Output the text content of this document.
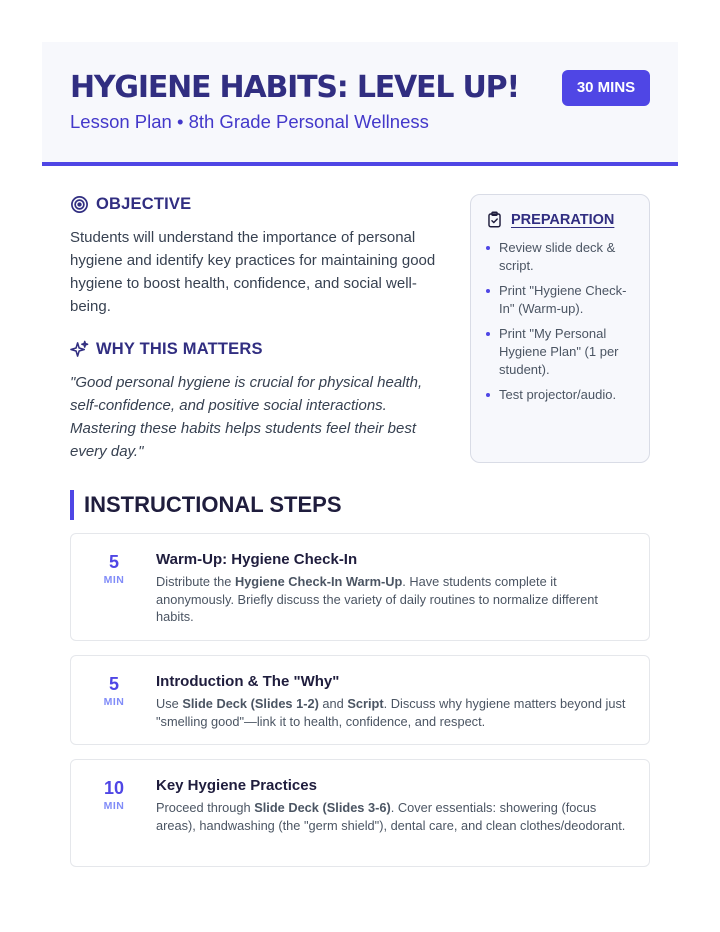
HYGIENE HABITS: LEVEL UP!
Lesson Plan • 8th Grade Personal Wellness
30 MINS
OBJECTIVE
Students will understand the importance of personal hygiene and identify key practices for maintaining good hygiene to boost health, confidence, and social well-being.
WHY THIS MATTERS
"Good personal hygiene is crucial for physical health, self-confidence, and positive social interactions. Mastering these habits helps students feel their best every day."
PREPARATION
Review slide deck & script.
Print "Hygiene Check-In" (Warm-up).
Print "My Personal Hygiene Plan" (1 per student).
Test projector/audio.
INSTRUCTIONAL STEPS
5
MIN
Warm-Up: Hygiene Check-In
Distribute the Hygiene Check-In Warm-Up. Have students complete it anonymously. Briefly discuss the variety of daily routines to normalize different habits.
5
MIN
Introduction & The "Why"
Use Slide Deck (Slides 1-2) and Script. Discuss why hygiene matters beyond just "smelling good"—link it to health, confidence, and respect.
10
MIN
Key Hygiene Practices
Proceed through Slide Deck (Slides 3-6). Cover essentials: showering (focus areas), handwashing (the "germ shield"), dental care, and clean clothes/deodorant.
